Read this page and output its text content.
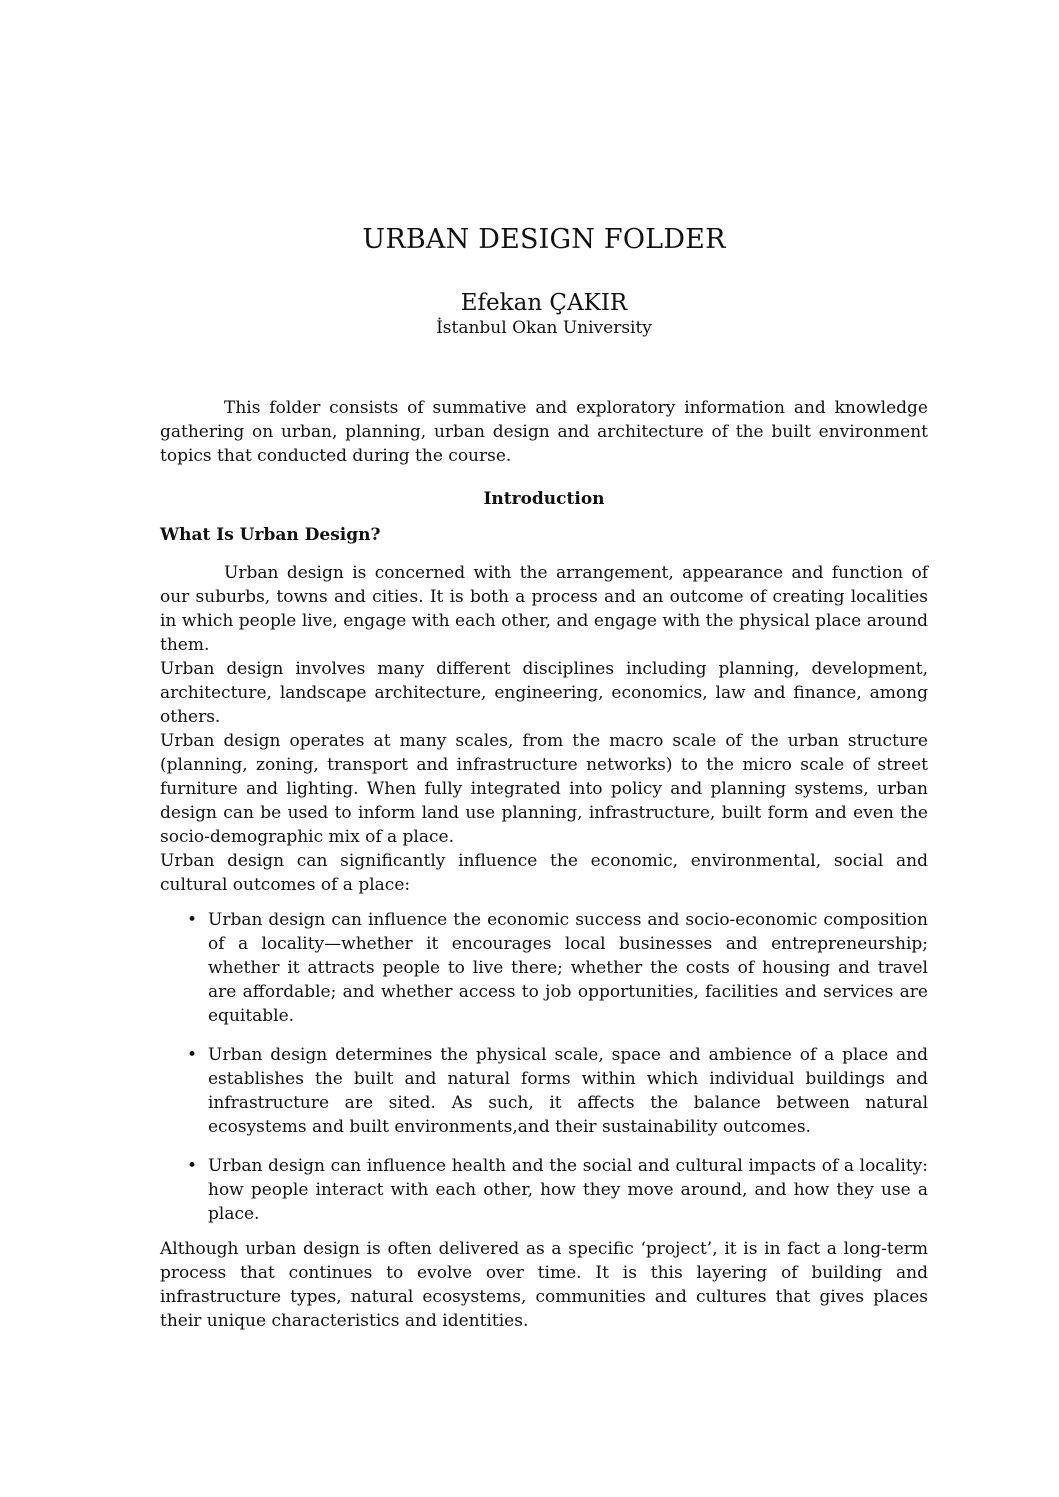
URBAN DESIGN FOLDER
Efekan ÇAKIR
İstanbul Okan University

This folder consists of summative and exploratory information and knowledge gathering on urban, planning, urban design and architecture of the built environment topics that conducted during the course.

Introduction
What Is Urban Design?

Urban design is concerned with the arrangement, appearance and function of our suburbs, towns and cities. It is both a process and an outcome of creating localities in which people live, engage with each other, and engage with the physical place around them.

Urban design involves many different disciplines including planning, development, architecture, landscape architecture, engineering, economics, law and finance, among others.

Urban design operates at many scales, from the macro scale of the urban structure (planning, zoning, transport and infrastructure networks) to the micro scale of street furniture and lighting. When fully integrated into policy and planning systems, urban design can be used to inform land use planning, infrastructure, built form and even the socio-demographic mix of a place.

Urban design can significantly influence the economic, environmental, social and cultural outcomes of a place:

• Urban design can influence the economic success and socio-economic composition of a locality—whether it encourages local businesses and entrepreneurship; whether it attracts people to live there; whether the costs of housing and travel are affordable; and whether access to job opportunities, facilities and services are equitable.
• Urban design determines the physical scale, space and ambience of a place and establishes the built and natural forms within which individual buildings and infrastructure are sited. As such, it affects the balance between natural ecosystems and built environments,and their sustainability outcomes.
• Urban design can influence health and the social and cultural impacts of a locality: how people interact with each other, how they move around, and how they use a place.

Although urban design is often delivered as a specific ‘project’, it is in fact a long-term process that continues to evolve over time. It is this layering of building and infrastructure types, natural ecosystems, communities and cultures that gives places their unique characteristics and identities.
